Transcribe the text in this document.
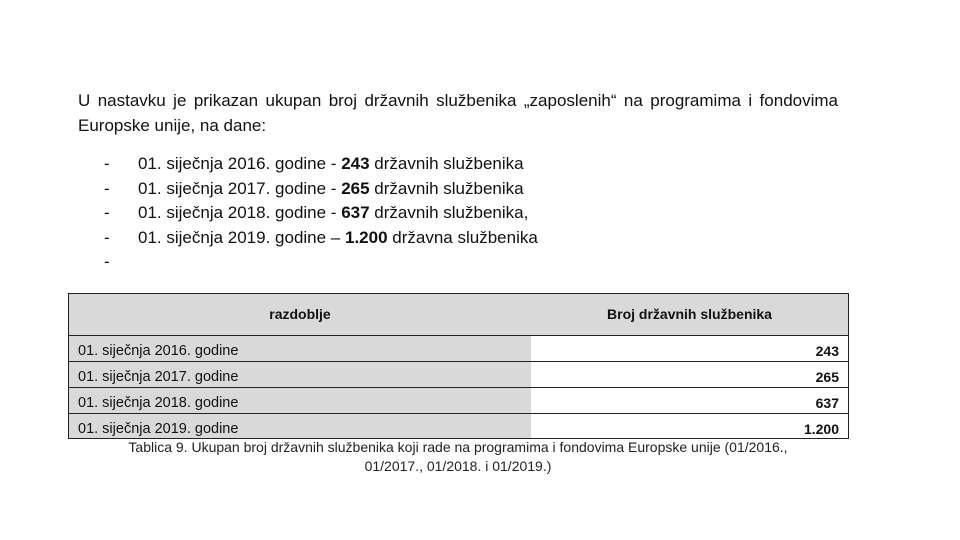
U nastavku je prikazan ukupan broj državnih službenika „zaposlenih“ na programima i fondovima Europske unije, na dane:
- 01. siječnja 2016. godine - 243 državnih službenika
- 01. siječnja 2017. godine - 265 državnih službenika
- 01. siječnja 2018. godine - 637 državnih službenika,
- 01. siječnja 2019. godine – 1.200 državna službenika
-
razdoblje	Broj državnih službenika
01. siječnja 2016. godine	243
01. siječnja 2017. godine	265
01. siječnja 2018. godine	637
01. siječnja 2019. godine	1.200
Tablica 9. Ukupan broj državnih službenika koji rade na programima i fondovima Europske unije (01/2016.,
01/2017., 01/2018. i 01/2019.)
